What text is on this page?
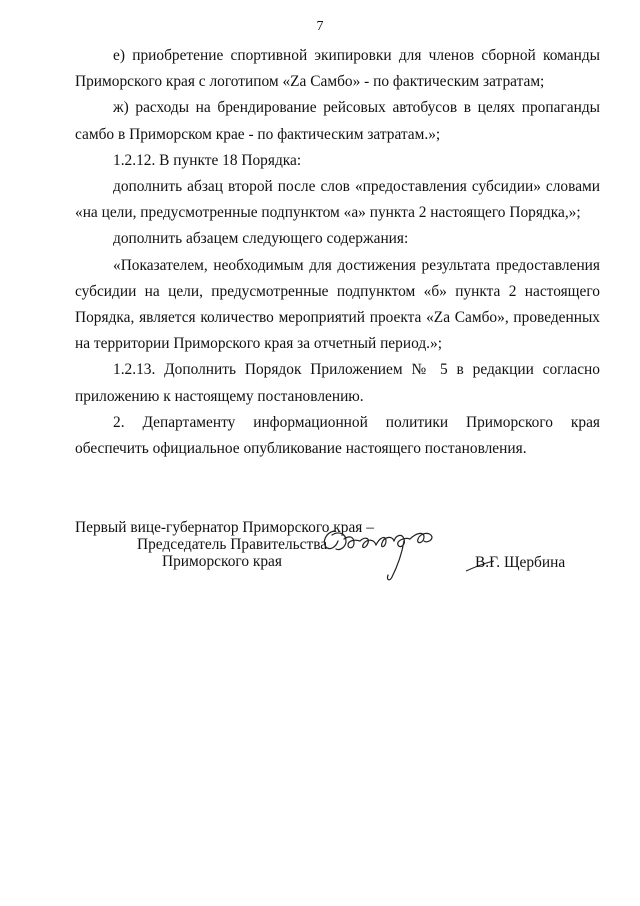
7

е) приобретение спортивной экипировки для членов сборной команды
Приморского края с логотипом «Za Самбо» - по фактическим затратам;

ж) расходы на брендирование рейсовых автобусов в целях пропаганды
самбо в Приморском крае - по фактическим затратам.»;

1.2.12. В пункте 18 Порядка:

дополнить абзац второй после слов «предоставления субсидии» словами
«на цели, предусмотренные подпунктом «а» пункта 2 настоящего Порядка,»;

дополнить абзацем следующего содержания:

«Показателем, необходимым для достижения результата предоставления
субсидии на цели, предусмотренные подпунктом «б» пункта 2 настоящего
Порядка, является количество мероприятий проекта «Za Самбо», проведенных
на территории Приморского края за отчетный период.»;

1.2.13. Дополнить Порядок Приложением № 5 в редакции согласно
приложению к настоящему постановлению.

2. Департаменту информационной политики Приморского края
обеспечить официальное опубликование настоящего постановления.

Первый вице-губернатор Приморского края –
Председатель Правительства
Приморского края	В.Г. Щербина
